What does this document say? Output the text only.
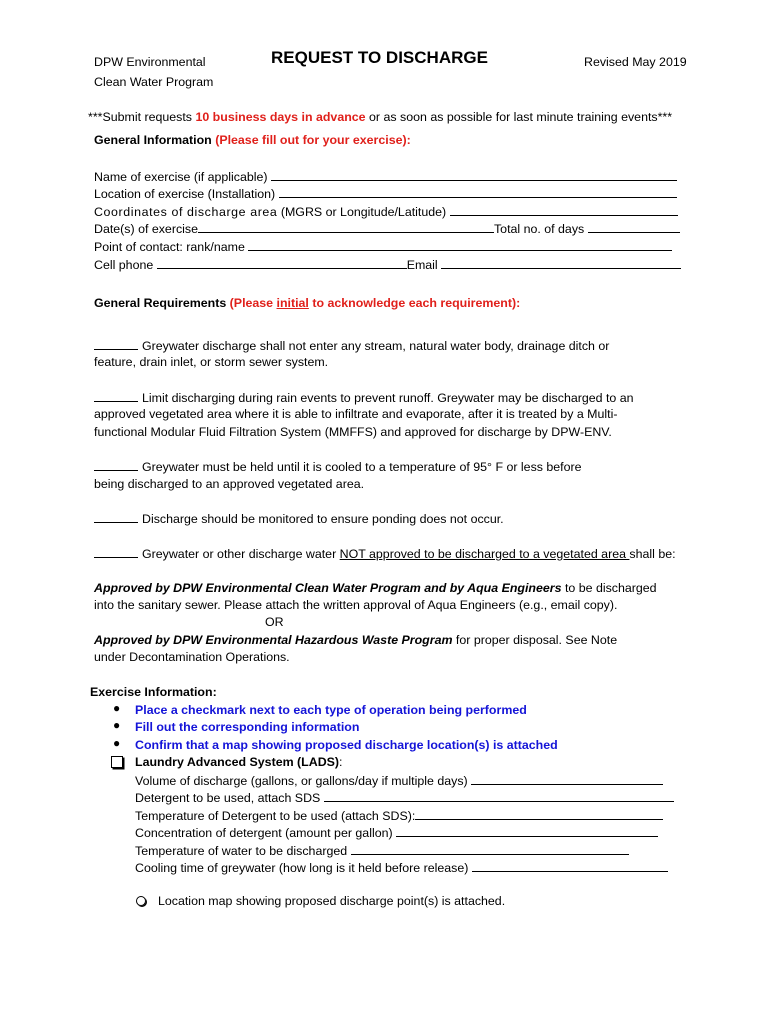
DPW Environmental
Clean Water Program
REQUEST TO DISCHARGE	Revised May 2019
***Submit requests 10 business days in advance or as soon as possible for last minute training events***
General Information (Please fill out for your exercise):
Name of exercise (if applicable)
Location of exercise (Installation)
Coordinates of discharge area (MGRS or Longitude/Latitude)
Date(s) of exercise	Total no. of days
Point of contact: rank/name
Cell phone	Email
General Requirements (Please initial to acknowledge each requirement):
Greywater discharge shall not enter any stream, natural water body, drainage ditch or
feature, drain inlet, or storm sewer system.
Limit discharging during rain events to prevent runoff. Greywater may be discharged to an
approved vegetated area where it is able to infiltrate and evaporate, after it is treated by a Multi-
functional Modular Fluid Filtration System (MMFFS) and approved for discharge by DPW-ENV.
Greywater must be held until it is cooled to a temperature of 95° F or less before
being discharged to an approved vegetated area.
Discharge should be monitored to ensure ponding does not occur.
Greywater or other discharge water NOT approved to be discharged to a vegetated area shall be:
Approved by DPW Environmental Clean Water Program and by Aqua Engineers to be discharged
into the sanitary sewer. Please attach the written approval of Aqua Engineers (e.g., email copy).
OR
Approved by DPW Environmental Hazardous Waste Program for proper disposal. See Note
under Decontamination Operations.
Exercise Information:
● Place a checkmark next to each type of operation being performed
● Fill out the corresponding information
● Confirm that a map showing proposed discharge location(s) is attached
Laundry Advanced System (LADS):
Volume of discharge (gallons, or gallons/day if multiple days)
Detergent to be used, attach SDS
Temperature of Detergent to be used (attach SDS):
Concentration of detergent (amount per gallon)
Temperature of water to be discharged
Cooling time of greywater (how long is it held before release)
Location map showing proposed discharge point(s) is attached.
